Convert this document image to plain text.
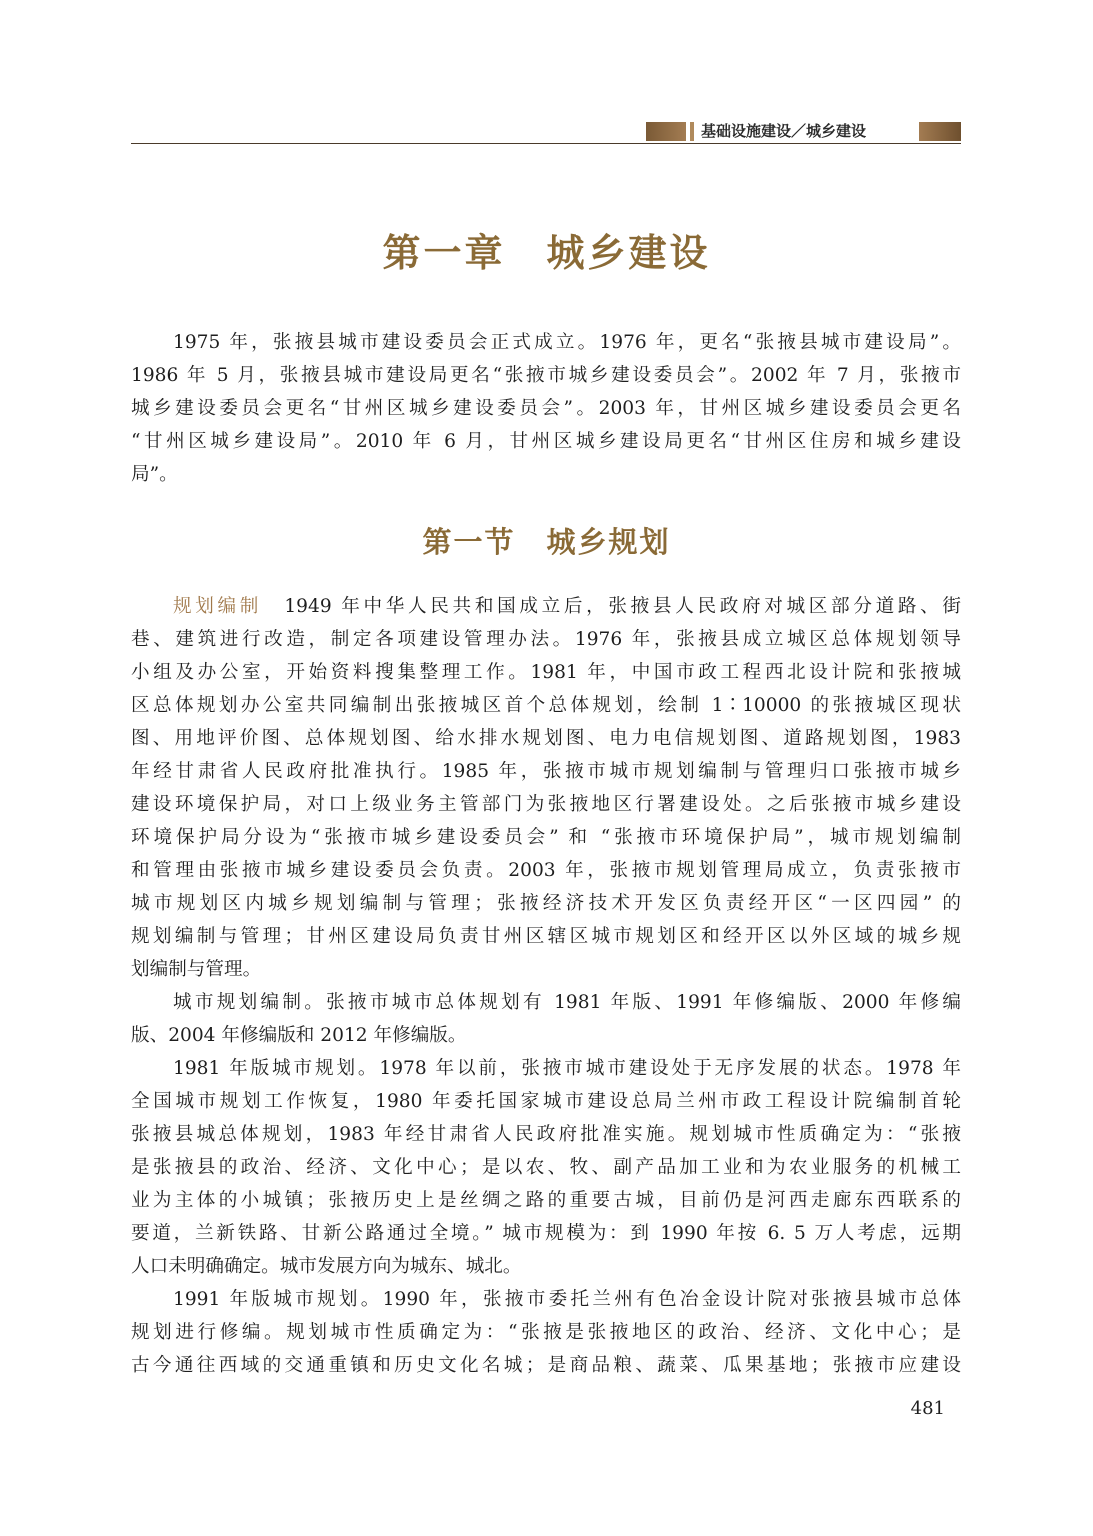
基础设施建设／城乡建设
第一章　城乡建设
1975 年，张掖县城市建设委员会正式成立。1976 年，更名“张掖县城市建设局”。
1986 年 5 月，张掖县城市建设局更名“张掖市城乡建设委员会”。2002 年 7 月，张掖市
城乡建设委员会更名“甘州区城乡建设委员会”。2003 年，甘州区城乡建设委员会更名
“甘州区城乡建设局”。2010 年 6 月，甘州区城乡建设局更名“甘州区住房和城乡建设
局”。
第一节　城乡规划
规划编制　 1949 年中华人民共和国成立后，张掖县人民政府对城区部分道路、街
巷、建筑进行改造，制定各项建设管理办法。1976 年，张掖县成立城区总体规划领导
小组及办公室，开始资料搜集整理工作。1981 年，中国市政工程西北设计院和张掖城
区总体规划办公室共同编制出张掖城区首个总体规划，绘制 1∶10000 的张掖城区现状
图、用地评价图、总体规划图、给水排水规划图、电力电信规划图、道路规划图，1983
年经甘肃省人民政府批准执行。1985 年，张掖市城市规划编制与管理归口张掖市城乡
建设环境保护局，对口上级业务主管部门为张掖地区行署建设处。之后张掖市城乡建设
环境保护局分设为“张掖市城乡建设委员会” 和 “张掖市环境保护局”，城市规划编制
和管理由张掖市城乡建设委员会负责。2003 年，张掖市规划管理局成立，负责张掖市
城市规划区内城乡规划编制与管理；张掖经济技术开发区负责经开区“一区四园” 的
规划编制与管理；甘州区建设局负责甘州区辖区城市规划区和经开区以外区域的城乡规
划编制与管理。
城市规划编制。张掖市城市总体规划有 1981 年版、1991 年修编版、2000 年修编
版、2004 年修编版和 2012 年修编版。
1981 年版城市规划。1978 年以前，张掖市城市建设处于无序发展的状态。1978 年
全国城市规划工作恢复，1980 年委托国家城市建设总局兰州市政工程设计院编制首轮
张掖县城总体规划，1983 年经甘肃省人民政府批准实施。规划城市性质确定为：“张掖
是张掖县的政治、经济、文化中心；是以农、牧、副产品加工业和为农业服务的机械工
业为主体的小城镇；张掖历史上是丝绸之路的重要古城，目前仍是河西走廊东西联系的
要道，兰新铁路、甘新公路通过全境。” 城市规模为：到 1990 年按 6. 5 万人考虑，远期
人口未明确确定。城市发展方向为城东、城北。
1991 年版城市规划。1990 年，张掖市委托兰州有色冶金设计院对张掖县城市总体
规划进行修编。规划城市性质确定为：“张掖是张掖地区的政治、经济、文化中心；是
古今通往西域的交通重镇和历史文化名城；是商品粮、蔬菜、瓜果基地；张掖市应建设
481
